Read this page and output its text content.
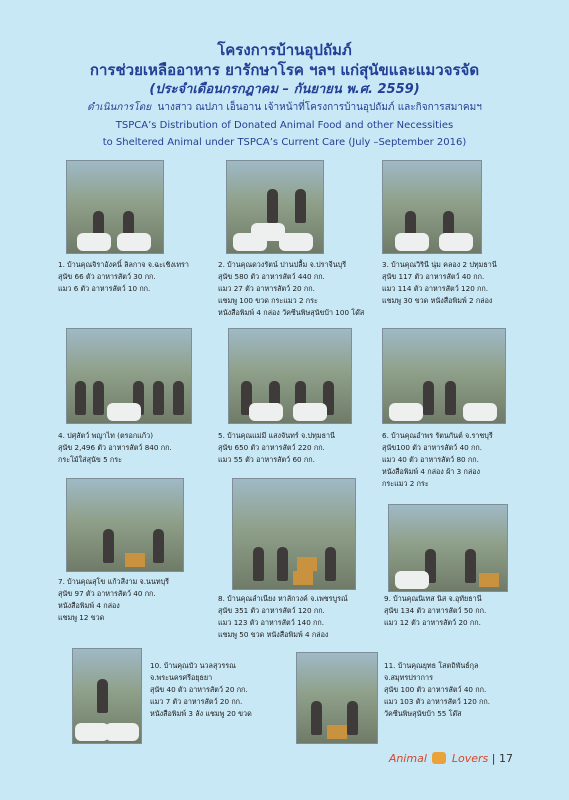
โครงการบ้านอุปถัมภ์
การช่วยเหลืออาหาร ยารักษาโรค ฯลฯ แก่สุนัขและแมวจรจัด
(ประจำเดือนกรกฎาคม – กันยายน พ.ศ. 2559)
ดำเนินการโดย นางสาว ณปภา เอ็นอาน เจ้าหน้าที่โครงการบ้านอุปถัมภ์ และกิจการสมาคมฯ
TSPCA’s Distribution of Donated Animal Food and other Necessities
to Sheltered Animal under TSPCA’s Current Care (July –September 2016)
1. บ้านคุณจิราอังคนิ์ ลิลกาจ จ.ฉะเชิงเทรา
สุนัข 66 ตัว อาหารสัตว์ 30 กก.
แมว 6 ตัว อาหารสัตว์ 10 กก.
2. บ้านคุณดวงรัตน์ ปานปลื้ม จ.ปราจีนบุรี
สุนัข 580 ตัว อาหารสัตว์ 440 กก.
แมว 27 ตัว อาหารสัตว์ 20 กก.
แชมพู 100 ขวด กระแมว 2 กระ
หนังสือพิมพ์ 4 กล่อง วัคซีนพิษสุนัขบ้า 100 โด๊ส
3. บ้านคุณวิรินี นุ่ม คลอง 2 ปทุมธานี
สุนัข 117 ตัว อาหารสัตว์ 40 กก.
แมว 114 ตัว อาหารสัตว์ 120 กก.
แชมพู 30 ขวด หนังสือพิมพ์ 2 กล่อง
4. ปศุสัตว์ พญาไท (ตรอกแก้ว)
สุนัข 2,496 ตัว อาหารสัตว์ 840 กก.
กระโม้ใส่สุนัข 5 กระ
5. บ้านคุณแม่มี แสงจันทร์ จ.ปทุมธานี
สุนัข 650 ตัว อาหารสัตว์ 220 กก.
แมว 55 ตัว อาหารสัตว์ 60 กก.
6. บ้านคุณอำพร รัตนกันต์ จ.ราชบุรี
สุนัข100 ตัว อาหารสัตว์ 40 กก.
แมว 40 ตัว อาหารสัตว์ 80 กก.
หนังสือพิมพ์ 4 กล่อง ผ้า 3 กล่อง
กระแมว 2 กระ
7. บ้านคุณสุโข แก้วสีงาม จ.นนทบุรี
สุนัข 97 ตัว อาหารสัตว์ 40 กก.
หนังสือพิมพ์ 4 กล่อง
แชมพู 12 ขวด
8. บ้านคุณลำเนียง หาลักวงค์ จ.เพชรบูรณ์
สุนัข 351 ตัว อาหารสัตว์ 120 กก.
แมว 123 ตัว อาหารสัตว์ 140 กก.
แชมพู 50 ขวด หนังสือพิมพ์ 4 กล่อง
9. บ้านคุณนิเทส นิส จ.อุทัยธานี
สุนัข 134 ตัว อาหารสัตว์ 50 กก.
แมว 12 ตัว อาหารสัตว์ 20 กก.
10. บ้านคุณบัว นวลสุวรรณ
จ.พระนครศรีอยุธยา
สุนัข 40 ตัว อาหารสัตว์ 20 กก.
แมว 7 ตัว อาหารสัตว์ 20 กก.
หนังสือพิมพ์ 3 ลัง แชมพู 20 ขวด
11. บ้านคุณยุทธ โสตถิพันธ์กุล
จ.สมุทรปราการ
สุนัข 100 ตัว อาหารสัตว์ 40 กก.
แมว 103 ตัว อาหารสัตว์ 120 กก.
วัคซีนพิษสุนัขบ้า 55 โด๊ส
Animal Lovers | 17
